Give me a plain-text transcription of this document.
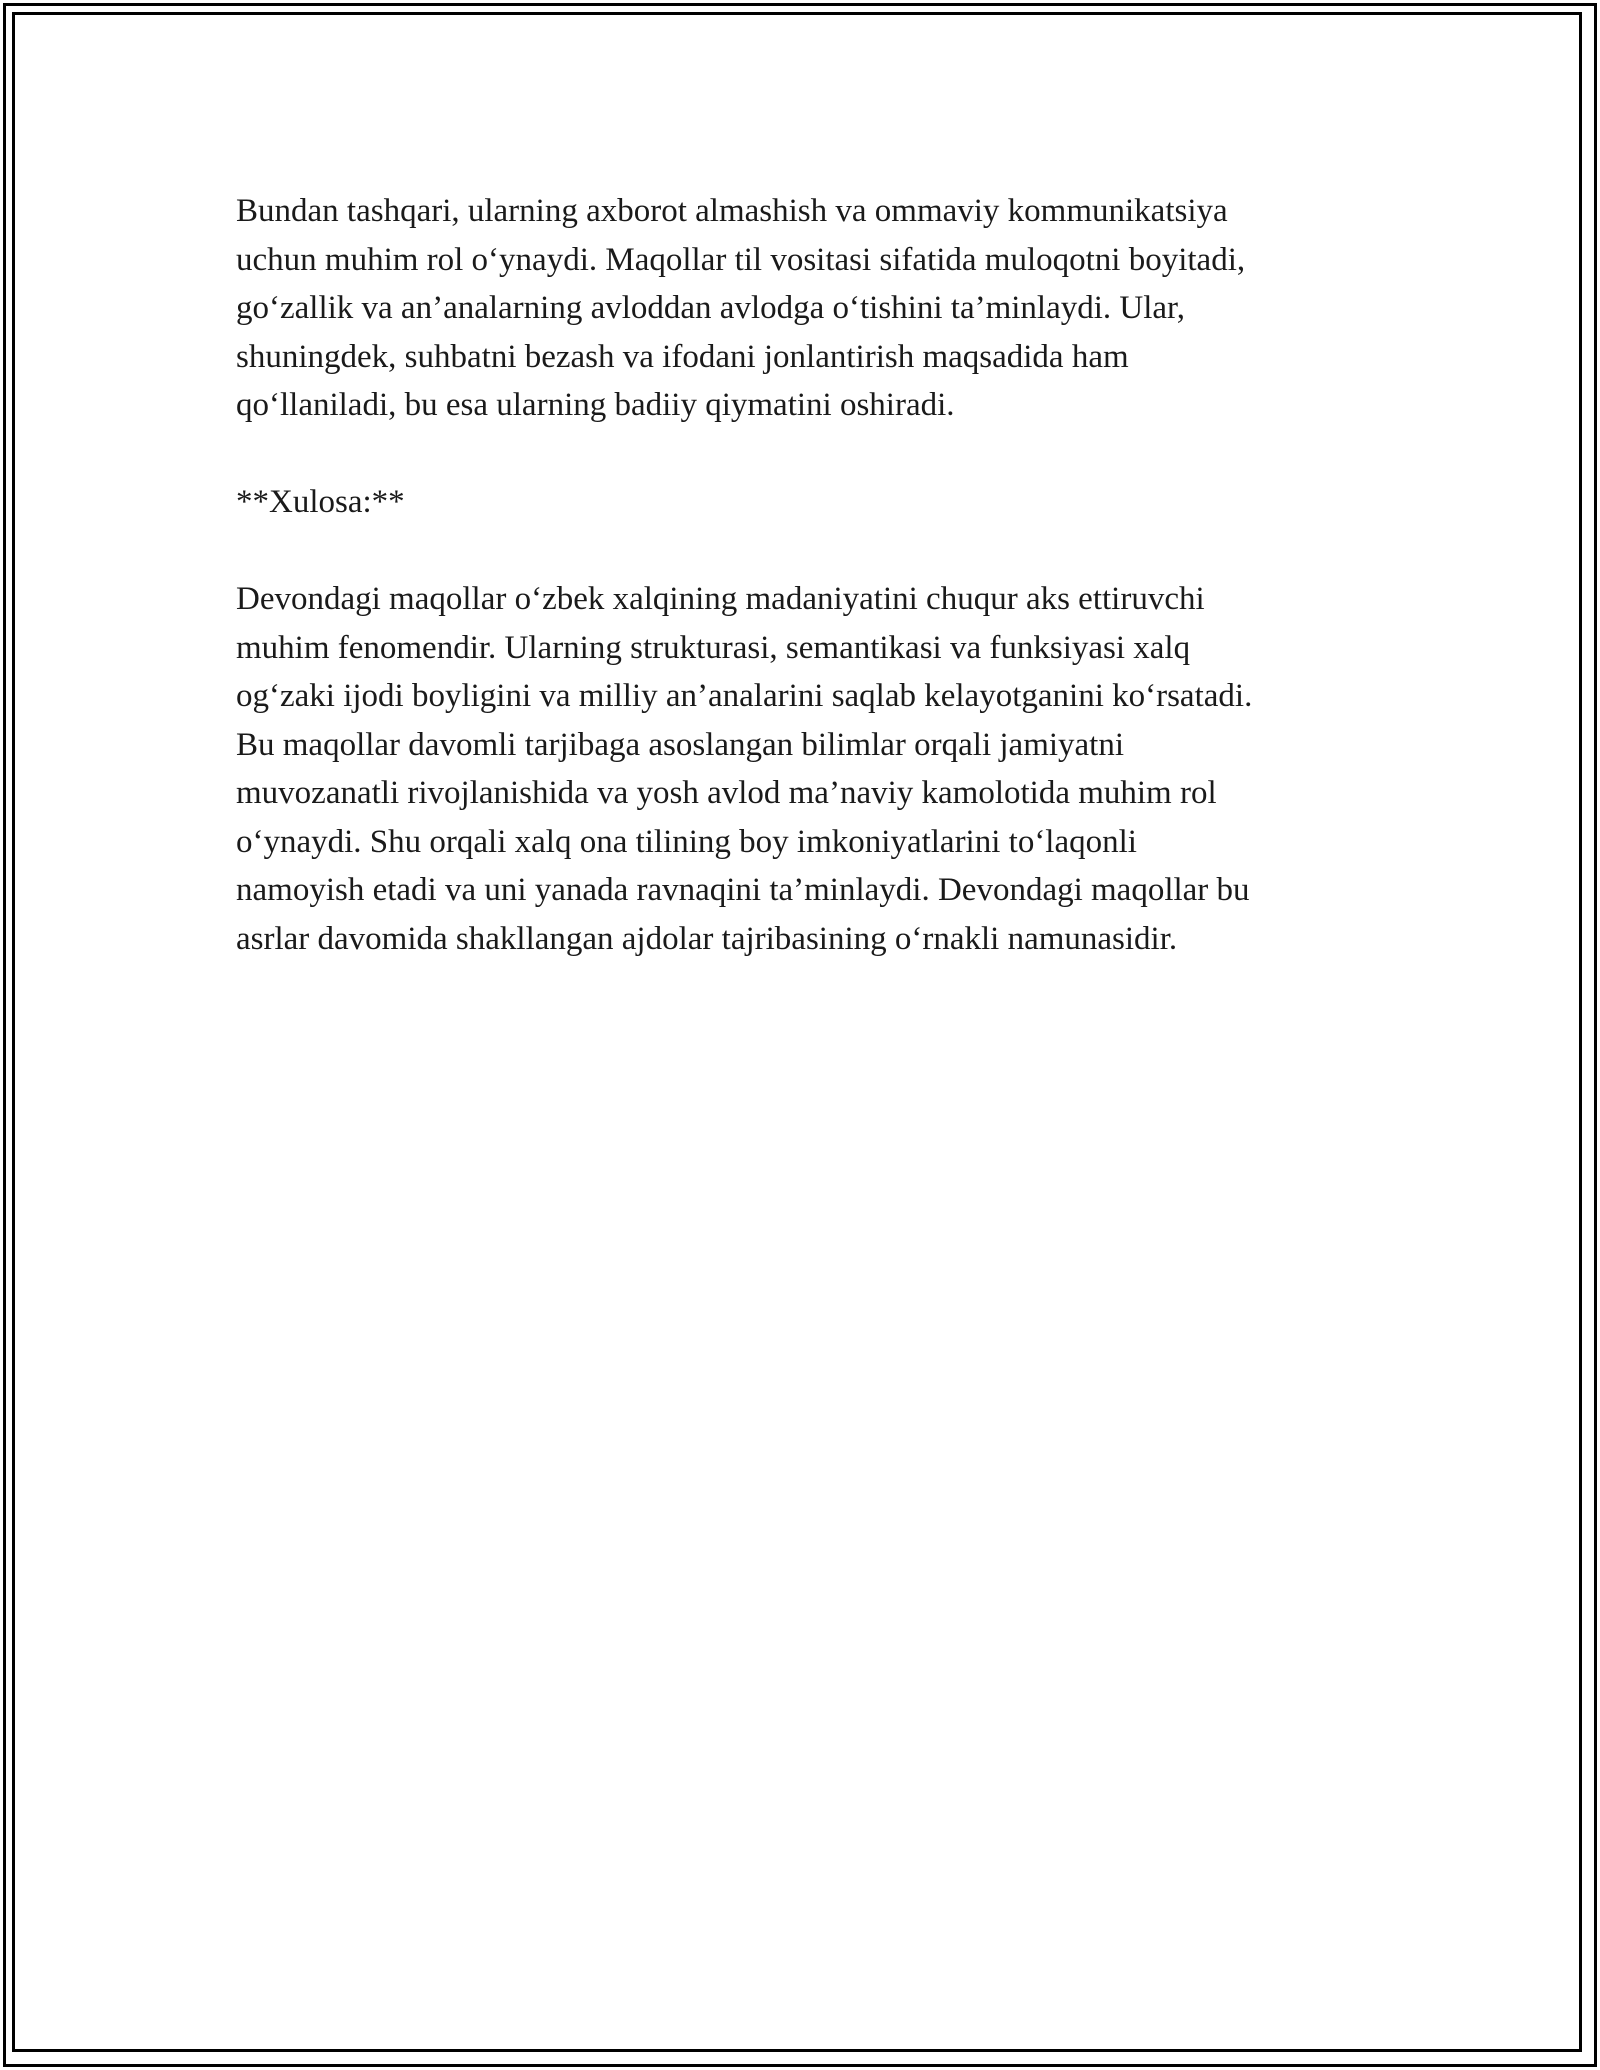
Bundan tashqari, ularning axborot almashish va ommaviy kommunikatsiya
uchun muhim rol o‘ynaydi. Maqollar til vositasi sifatida muloqotni boyitadi,
go‘zallik va an’analarning avloddan avlodga o‘tishini ta’minlaydi. Ular,
shuningdek, suhbatni bezash va ifodani jonlantirish maqsadida ham
qo‘llaniladi, bu esa ularning badiiy qiymatini oshiradi.

**Xulosa:**

Devondagi maqollar o‘zbek xalqining madaniyatini chuqur aks ettiruvchi
muhim fenomendir. Ularning strukturasi, semantikasi va funksiyasi xalq
og‘zaki ijodi boyligini va milliy an’analarini saqlab kelayotganini ko‘rsatadi.
Bu maqollar davomli tarjibaga asoslangan bilimlar orqali jamiyatni
muvozanatli rivojlanishida va yosh avlod ma’naviy kamolotida muhim rol
o‘ynaydi. Shu orqali xalq ona tilining boy imkoniyatlarini to‘laqonli
namoyish etadi va uni yanada ravnaqini ta’minlaydi. Devondagi maqollar bu
asrlar davomida shakllangan ajdolar tajribasining o‘rnakli namunasidir.
